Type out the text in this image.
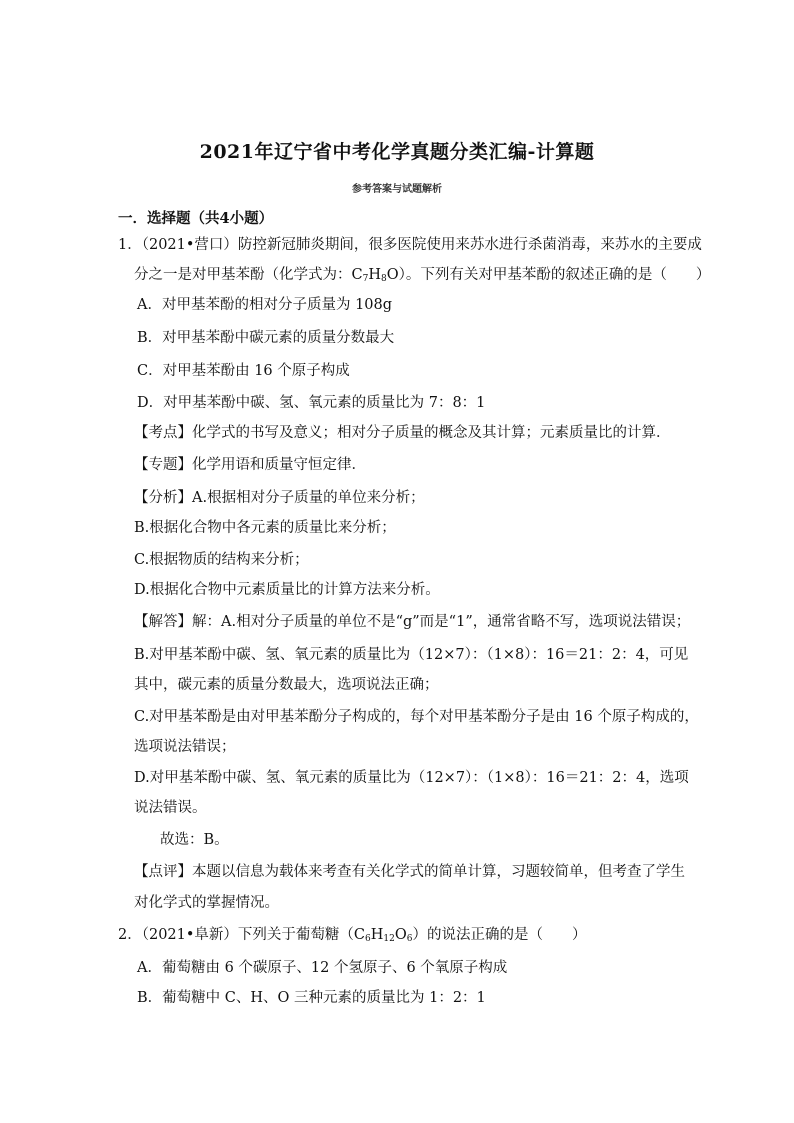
2021年辽宁省中考化学真题分类汇编-计算题
参考答案与试题解析
一．选择题（共4小题）
1．（2021•营口）防控新冠肺炎期间，很多医院使用来苏水进行杀菌消毒，来苏水的主要成
分之一是对甲基苯酚（化学式为：$C_7H_8O$）。下列有关对甲基苯酚的叙述正确的是（　　）
A．对甲基苯酚的相对分子质量为 108g
B．对甲基苯酚中碳元素的质量分数最大
C．对甲基苯酚由 16 个原子构成
D．对甲基苯酚中碳、氢、氧元素的质量比为 7：8：1
【考点】化学式的书写及意义；相对分子质量的概念及其计算；元素质量比的计算．
【专题】化学用语和质量守恒定律．
【分析】A.根据相对分子质量的单位来分析；
B.根据化合物中各元素的质量比来分析；
C.根据物质的结构来分析；
D.根据化合物中元素质量比的计算方法来分析。
【解答】解：A.相对分子质量的单位不是“g”而是“1”，通常省略不写，选项说法错误；
B.对甲基苯酚中碳、氢、氧元素的质量比为（12×7）：（1×8）：16＝21：2：4，可见
其中，碳元素的质量分数最大，选项说法正确；
C.对甲基苯酚是由对甲基苯酚分子构成的，每个对甲基苯酚分子是由 16 个原子构成的，
选项说法错误；
D.对甲基苯酚中碳、氢、氧元素的质量比为（12×7）：（1×8）：16＝21：2：4，选项
说法错误。
故选：B。
【点评】本题以信息为载体来考查有关化学式的简单计算，习题较简单，但考查了学生
对化学式的掌握情况。
2．（2021•阜新）下列关于葡萄糖$(C_6H_{12}O_6)$的说法正确的是（　　）
A．葡萄糖由 6 个碳原子、12 个氢原子、6 个氧原子构成
B．葡萄糖中 C、H、O 三种元素的质量比为 1：2：1
